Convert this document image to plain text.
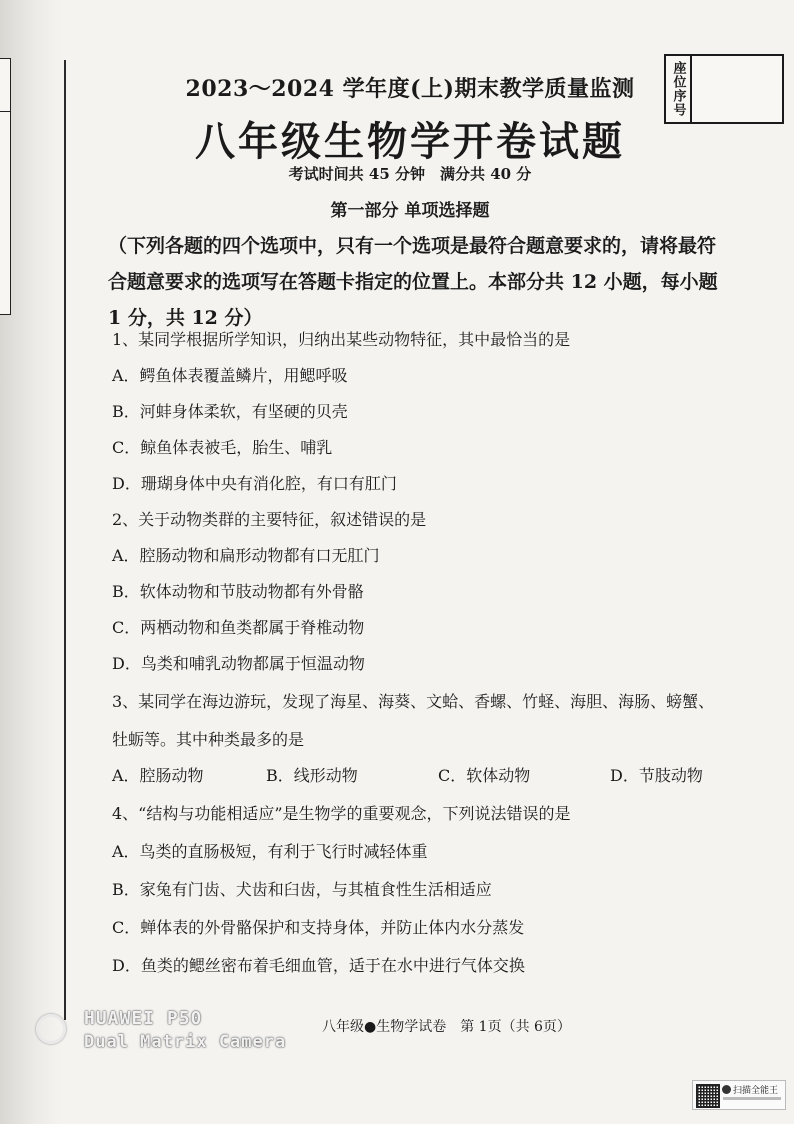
2023～2024 学年度(上)期末教学质量监测
八年级生物学开卷试题
考试时间共 45 分钟　满分共 40 分
座位序号
第一部分 单项选择题
（下列各题的四个选项中，只有一个选项是最符合题意要求的，请将最符合题意要求的选项写在答题卡指定的位置上。本部分共 12 小题，每小题 1 分，共 12 分）
1、某同学根据所学知识，归纳出某些动物特征，其中最恰当的是
A．鳄鱼体表覆盖鳞片，用鳃呼吸
B．河蚌身体柔软，有坚硬的贝壳
C．鲸鱼体表被毛，胎生、哺乳
D．珊瑚身体中央有消化腔，有口有肛门
2、关于动物类群的主要特征，叙述错误的是
A．腔肠动物和扁形动物都有口无肛门
B．软体动物和节肢动物都有外骨骼
C．两栖动物和鱼类都属于脊椎动物
D．鸟类和哺乳动物都属于恒温动物
3、某同学在海边游玩，发现了海星、海葵、文蛤、香螺、竹蛏、海胆、海肠、螃蟹、
牡蛎等。其中种类最多的是
A．腔肠动物	B．线形动物	C．软体动物	D．节肢动物
4、“结构与功能相适应”是生物学的重要观念，下列说法错误的是
A．鸟类的直肠极短，有利于飞行时减轻体重
B．家兔有门齿、犬齿和臼齿，与其植食性生活相适应
C．蝉体表的外骨骼保护和支持身体，并防止体内水分蒸发
D．鱼类的鳃丝密布着毛细血管，适于在水中进行气体交换
八年级●生物学试卷　第 1页（共 6页）
HUAWEI P50
Dual Matrix Camera
扫描全能王
